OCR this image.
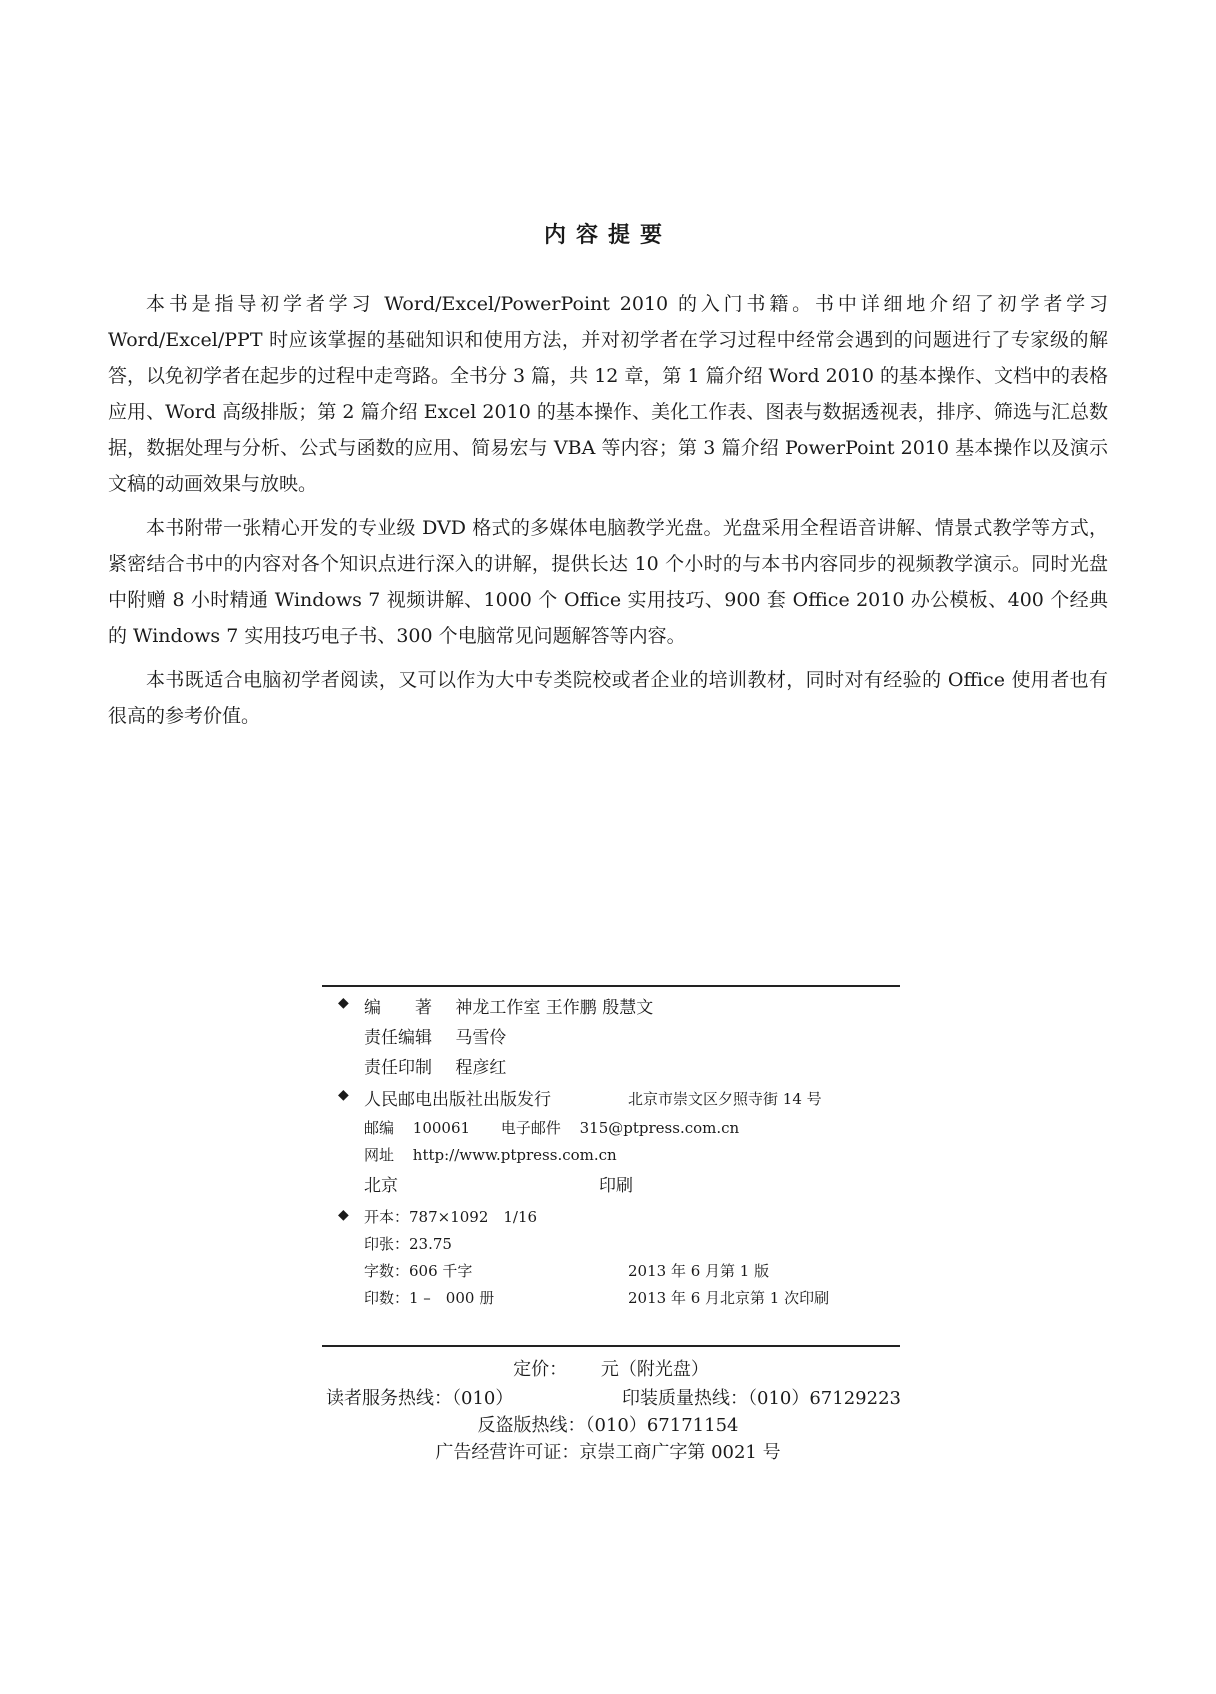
内容提要

本书是指导初学者学习 Word/Excel/PowerPoint 2010 的入门书籍。书中详细地介绍了初学者学习 Word/Excel/PPT 时应该掌握的基础知识和使用方法，并对初学者在学习过程中经常会遇到的问题进行了专家级的解答，以免初学者在起步的过程中走弯路。全书分 3 篇，共 12 章，第 1 篇介绍 Word 2010 的基本操作、文档中的表格应用、Word 高级排版；第 2 篇介绍 Excel 2010 的基本操作、美化工作表、图表与数据透视表，排序、筛选与汇总数据，数据处理与分析、公式与函数的应用、简易宏与 VBA 等内容；第 3 篇介绍 PowerPoint 2010 基本操作以及演示文稿的动画效果与放映。

本书附带一张精心开发的专业级 DVD 格式的多媒体电脑教学光盘。光盘采用全程语音讲解、情景式教学等方式，紧密结合书中的内容对各个知识点进行深入的讲解，提供长达 10 个小时的与本书内容同步的视频教学演示。同时光盘中附赠 8 小时精通 Windows 7 视频讲解、1000 个 Office 实用技巧、900 套 Office 2010 办公模板、400 个经典的 Windows 7 实用技巧电子书、300 个电脑常见问题解答等内容。

本书既适合电脑初学者阅读，又可以作为大中专类院校或者企业的培训教材，同时对有经验的 Office 使用者也有很高的参考价值。

◆ 编　　著 神龙工作室 王作鹏 殷慧文
责任编辑 马雪伶
责任印制 程彦红
◆ 人民邮电出版社出版发行	北京市崇文区夕照寺街 14 号
邮编 100061 电子邮件 315@ptpress.com.cn
网址 http://www.ptpress.com.cn
北京	印刷
◆ 开本：787×1092　1/16
印张：23.75
字数：606 千字	2013 年 6 月第 1 版
印数：1 –　000 册	2013 年 6 月北京第 1 次印刷
定价： 元（附光盘）
读者服务热线：（010）	印装质量热线：（010）67129223
反盗版热线：（010）67171154
广告经营许可证：京崇工商广字第 0021 号
